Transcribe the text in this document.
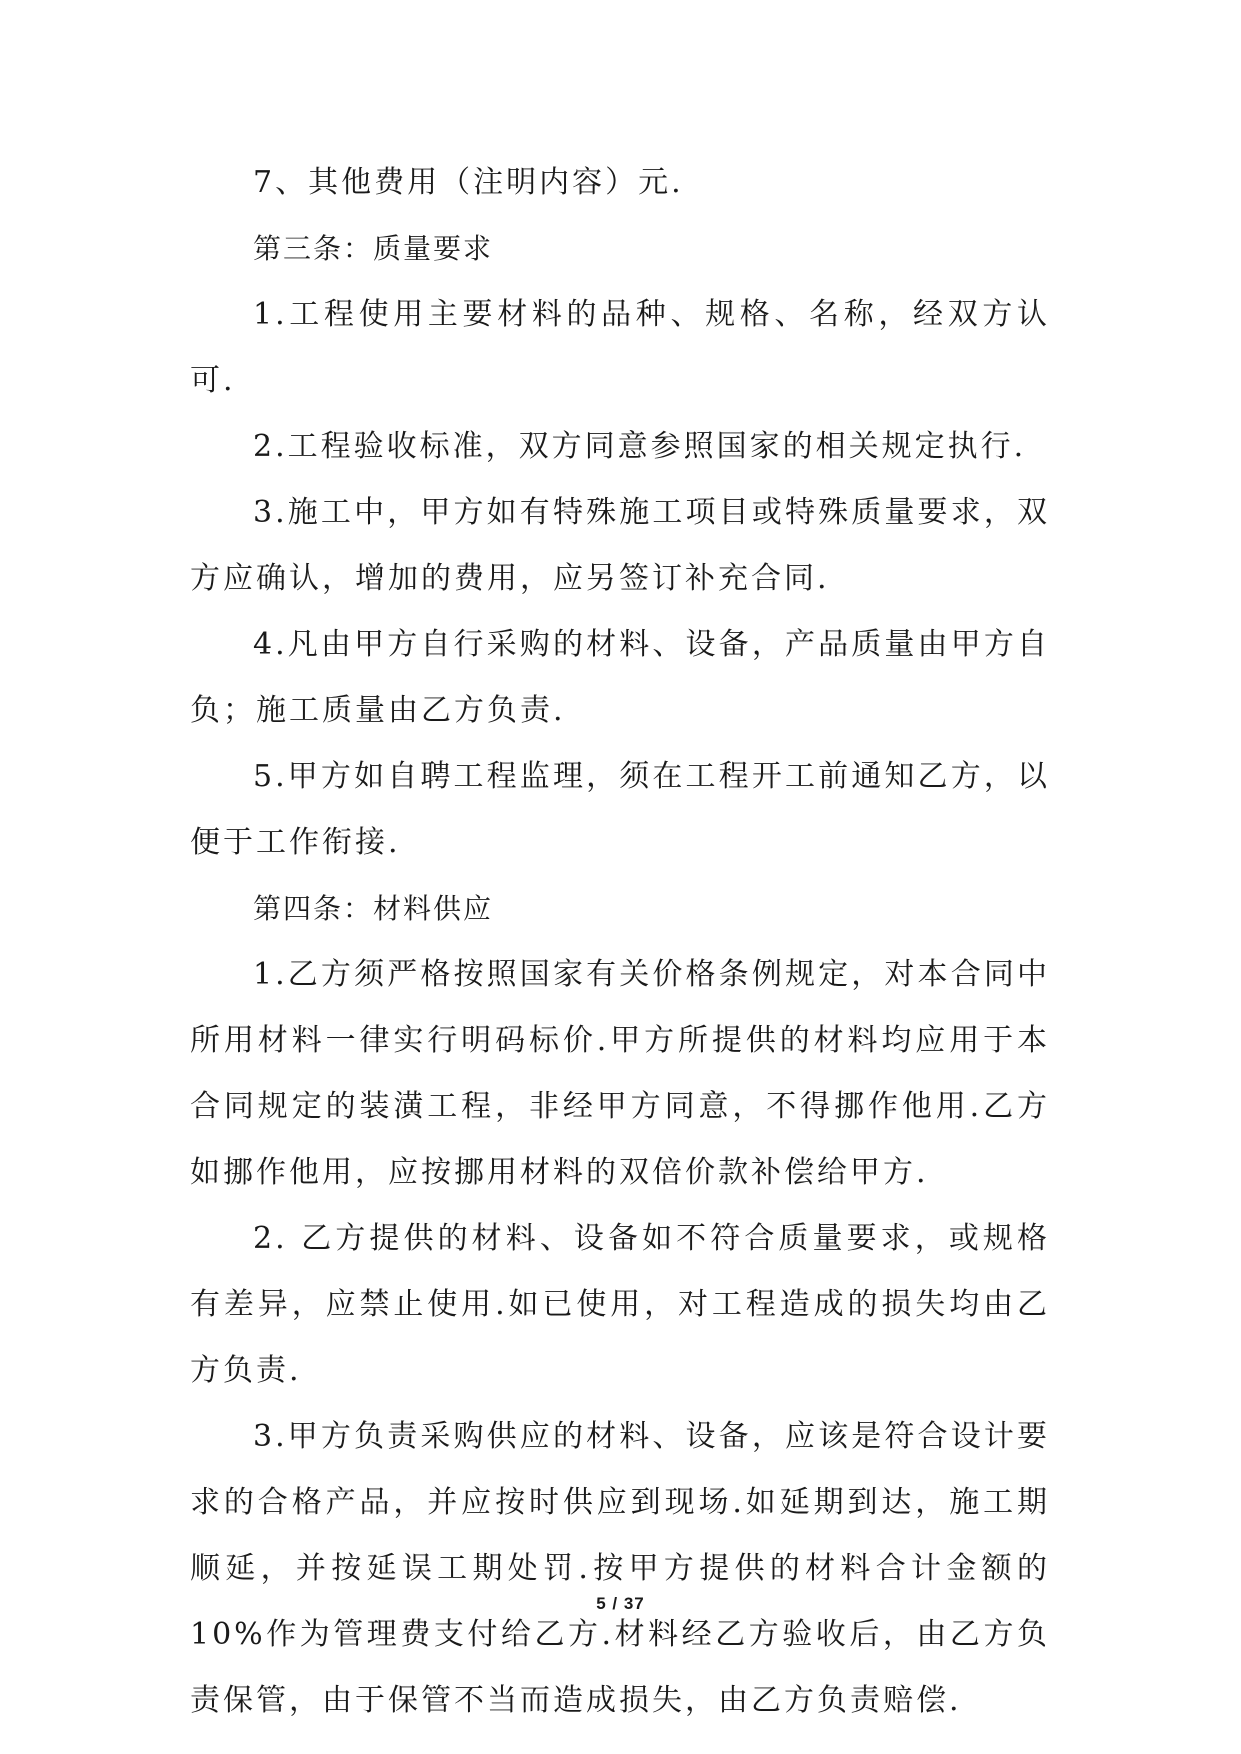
7、其他费用（注明内容）元.

第三条：质量要求

1.工程使用主要材料的品种、规格、名称，经双方认可.

2.工程验收标准，双方同意参照国家的相关规定执行.

3.施工中，甲方如有特殊施工项目或特殊质量要求，双方应确认，增加的费用，应另签订补充合同.

4.凡由甲方自行采购的材料、设备，产品质量由甲方自负；施工质量由乙方负责.

5.甲方如自聘工程监理，须在工程开工前通知乙方，以便于工作衔接.

第四条：材料供应

1.乙方须严格按照国家有关价格条例规定，对本合同中所用材料一律实行明码标价.甲方所提供的材料均应用于本合同规定的装潢工程，非经甲方同意，不得挪作他用.乙方如挪作他用，应按挪用材料的双倍价款补偿给甲方.

2. 乙方提供的材料、设备如不符合质量要求，或规格有差异，应禁止使用.如已使用，对工程造成的损失均由乙方负责.

3.甲方负责采购供应的材料、设备，应该是符合设计要求的合格产品，并应按时供应到现场.如延期到达，施工期顺延，并按延误工期处罚.按甲方提供的材料合计金额的10%作为管理费支付给乙方.材料经乙方验收后，由乙方负责保管，由于保管不当而造成损失，由乙方负责赔偿.

5 / 37
